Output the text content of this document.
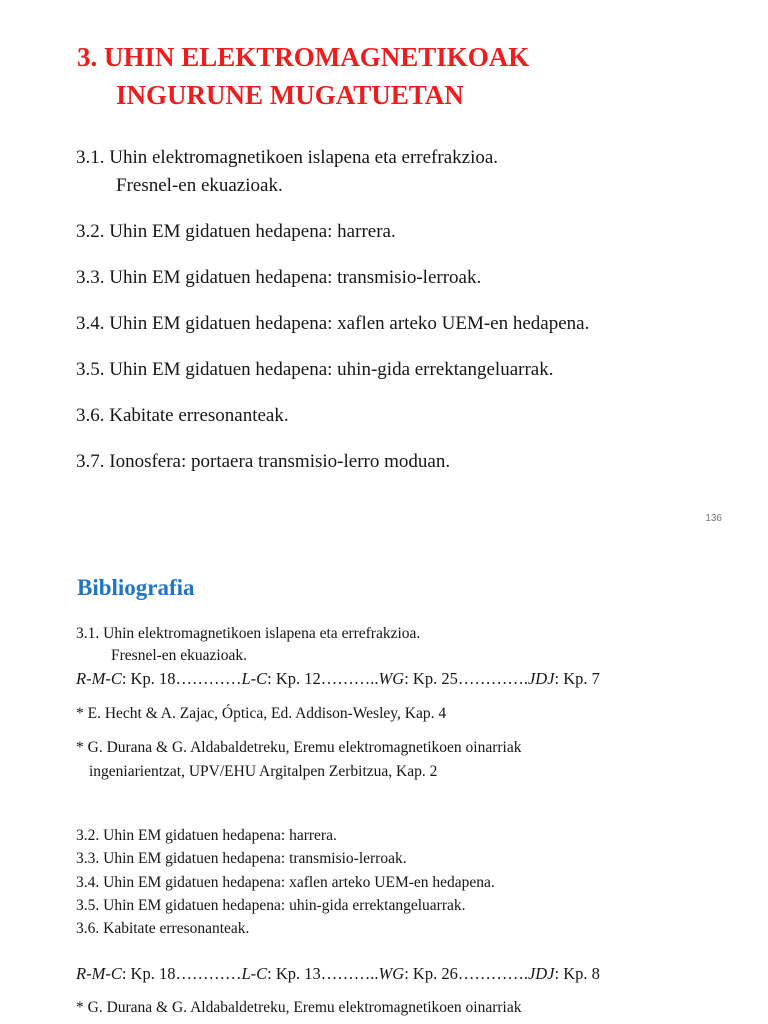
3. UHIN ELEKTROMAGNETIKOAK
INGURUNE MUGATUETAN
3.1. Uhin elektromagnetikoen islapena eta errefrakzioa.
Fresnel-en ekuazioak.
3.2. Uhin EM gidatuen hedapena: harrera.
3.3. Uhin EM gidatuen hedapena: transmisio-lerroak.
3.4. Uhin EM gidatuen hedapena: xaflen arteko UEM-en hedapena.
3.5. Uhin EM gidatuen hedapena: uhin-gida errektangeluarrak.
3.6. Kabitate erresonanteak.
3.7. Ionosfera: portaera transmisio-lerro moduan.
136
Bibliografia
3.1. Uhin elektromagnetikoen islapena eta errefrakzioa.
Fresnel-en ekuazioak.
R-M-C: Kp. 18…………L-C: Kp. 12………..WG: Kp. 25………….JDJ: Kp. 7
* E. Hecht & A. Zajac, Óptica, Ed. Addison-Wesley, Kap. 4
* G. Durana & G. Aldabaldetreku, Eremu elektromagnetikoen oinarriak
ingeniarientzat, UPV/EHU Argitalpen Zerbitzua, Kap. 2
3.2. Uhin EM gidatuen hedapena: harrera.
3.3. Uhin EM gidatuen hedapena: transmisio-lerroak.
3.4. Uhin EM gidatuen hedapena: xaflen arteko UEM-en hedapena.
3.5. Uhin EM gidatuen hedapena: uhin-gida errektangeluarrak.
3.6. Kabitate erresonanteak.
R-M-C: Kp. 18…………L-C: Kp. 13………..WG: Kp. 26………….JDJ: Kp. 8
* G. Durana & G. Aldabaldetreku, Eremu elektromagnetikoen oinarriak
